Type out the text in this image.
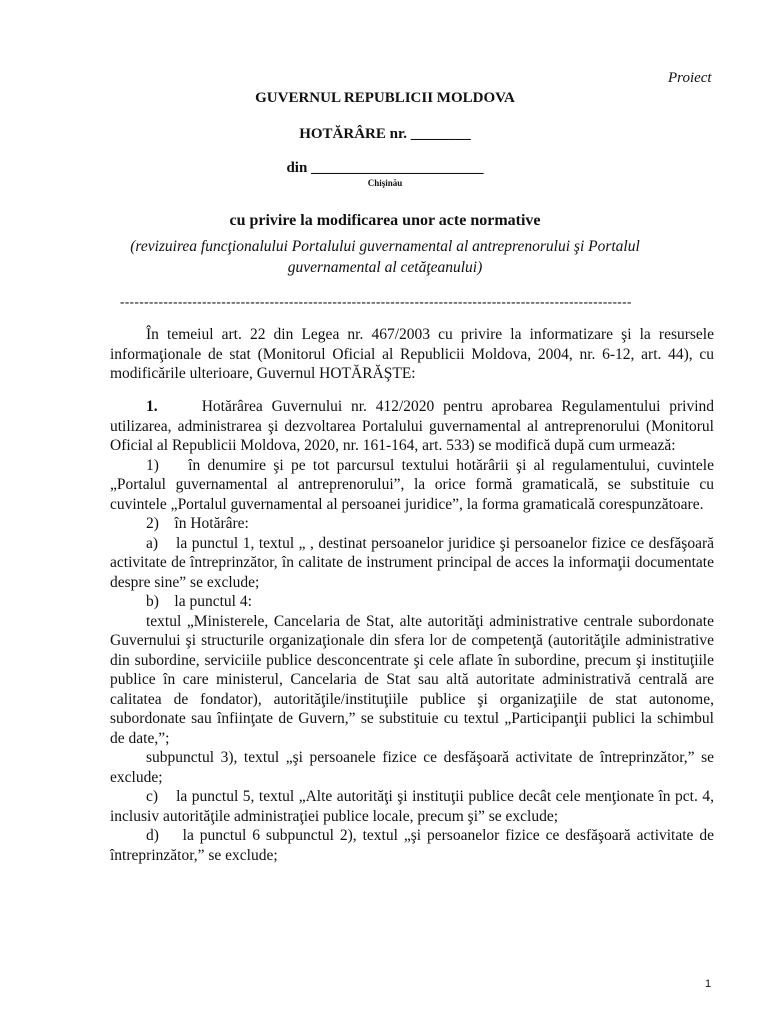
Proiect
GUVERNUL REPUBLICII MOLDOVA
HOTĂRÂRE nr. ________
din _______________________
Chişinău
cu privire la modificarea unor acte normative
(revizuirea funcţionalului Portalului guvernamental al antreprenorului şi Portalul
guvernamental al cetăţeanului)
----------------------------------------------------------------------------------------------------------

În temeiul art. 22 din Legea nr. 467/2003 cu privire la informatizare şi la resursele informaţionale de stat (Monitorul Oficial al Republicii Moldova, 2004, nr. 6-12, art. 44), cu modificările ulterioare, Guvernul HOTĂRĂŞTE:

1.	Hotărârea Guvernului nr. 412/2020 pentru aprobarea Regulamentului privind utilizarea, administrarea şi dezvoltarea Portalului guvernamental al antreprenorului (Monitorul Oficial al Republicii Moldova, 2020, nr. 161-164, art. 533) se modifică după cum urmează:

1)    în denumire şi pe tot parcursul textului hotărârii şi al regulamentului, cuvintele „Portalul guvernamental al antreprenorului”, la orice formă gramaticală, se substituie cu cuvintele „Portalul guvernamental al persoanei juridice”, la forma gramaticală corespunzătoare.

2)    în Hotărâre:

a)    la punctul 1, textul „ , destinat persoanelor juridice şi persoanelor fizice ce desfăşoară activitate de întreprinzător, în calitate de instrument principal de acces la informaţii documentate despre sine” se exclude;

b)    la punctul 4:

textul „Ministerele, Cancelaria de Stat, alte autorităţi administrative centrale subordonate Guvernului şi structurile organizaţionale din sfera lor de competenţă (autorităţile administrative din subordine, serviciile publice desconcentrate şi cele aflate în subordine, precum şi instituţiile publice în care ministerul, Cancelaria de Stat sau altă autoritate administrativă centrală are calitatea de fondator), autorităţile/instituţiile publice şi organizaţiile de stat autonome, subordonate sau înfiinţate de Guvern,” se substituie cu textul „Participanţii publici la schimbul de date,”;

subpunctul 3), textul „şi persoanele fizice ce desfăşoară activitate de întreprinzător,” se exclude;

c)    la punctul 5, textul „Alte autorităţi şi instituţii publice decât cele menţionate în pct. 4, inclusiv autorităţile administraţiei publice locale, precum şi” se exclude;

d)    la punctul 6 subpunctul 2), textul „şi persoanelor fizice ce desfăşoară activitate de întreprinzător,” se exclude;

1
